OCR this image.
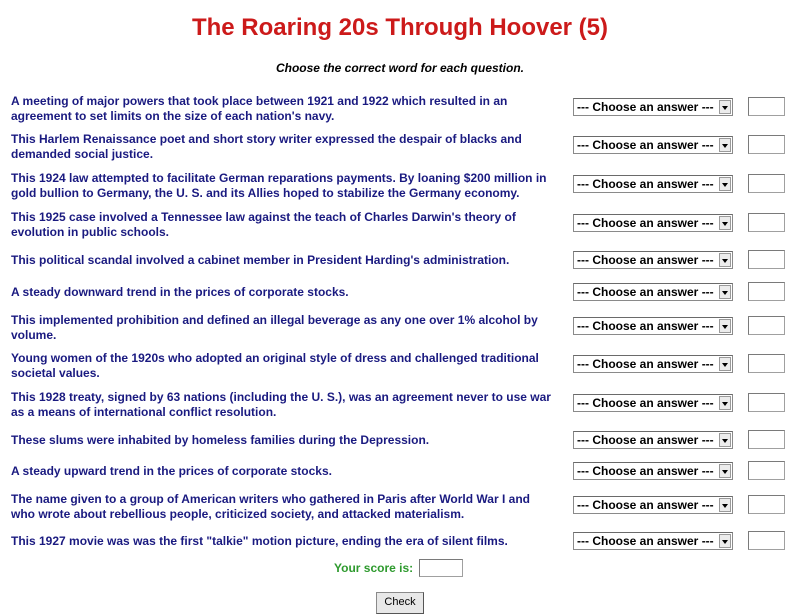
The Roaring 20s Through Hoover (5)
Choose the correct word for each question.
A meeting of major powers that took place between 1921 and 1922 which resulted in an agreement to set limits on the size of each nation's navy.
--- Choose an answer ---
This Harlem Renaissance poet and short story writer expressed the despair of blacks and demanded social justice.
--- Choose an answer ---
This 1924 law attempted to facilitate German reparations payments. By loaning $200 million in gold bullion to Germany, the U. S. and its Allies hoped to stabilize the Germany economy.
--- Choose an answer ---
This 1925 case involved a Tennessee law against the teach of Charles Darwin's theory of evolution in public schools.
--- Choose an answer ---
This political scandal involved a cabinet member in President Harding's administration.	--- Choose an answer ---
A steady downward trend in the prices of corporate stocks.	--- Choose an answer ---
This implemented prohibition and defined an illegal beverage as any one over 1% alcohol by volume.
--- Choose an answer ---
Young women of the 1920s who adopted an original style of dress and challenged traditional societal values.
--- Choose an answer ---
This 1928 treaty, signed by 63 nations (including the U. S.), was an agreement never to use war as a means of international conflict resolution.
--- Choose an answer ---
These slums were inhabited by homeless families during the Depression.	--- Choose an answer ---
A steady upward trend in the prices of corporate stocks.	--- Choose an answer ---
The name given to a group of American writers who gathered in Paris after World War I and who wrote about rebellious people, criticized society, and attacked materialism.
--- Choose an answer ---
This 1927 movie was was the first "talkie" motion picture, ending the era of silent films.	--- Choose an answer ---
Your score is:
Check
